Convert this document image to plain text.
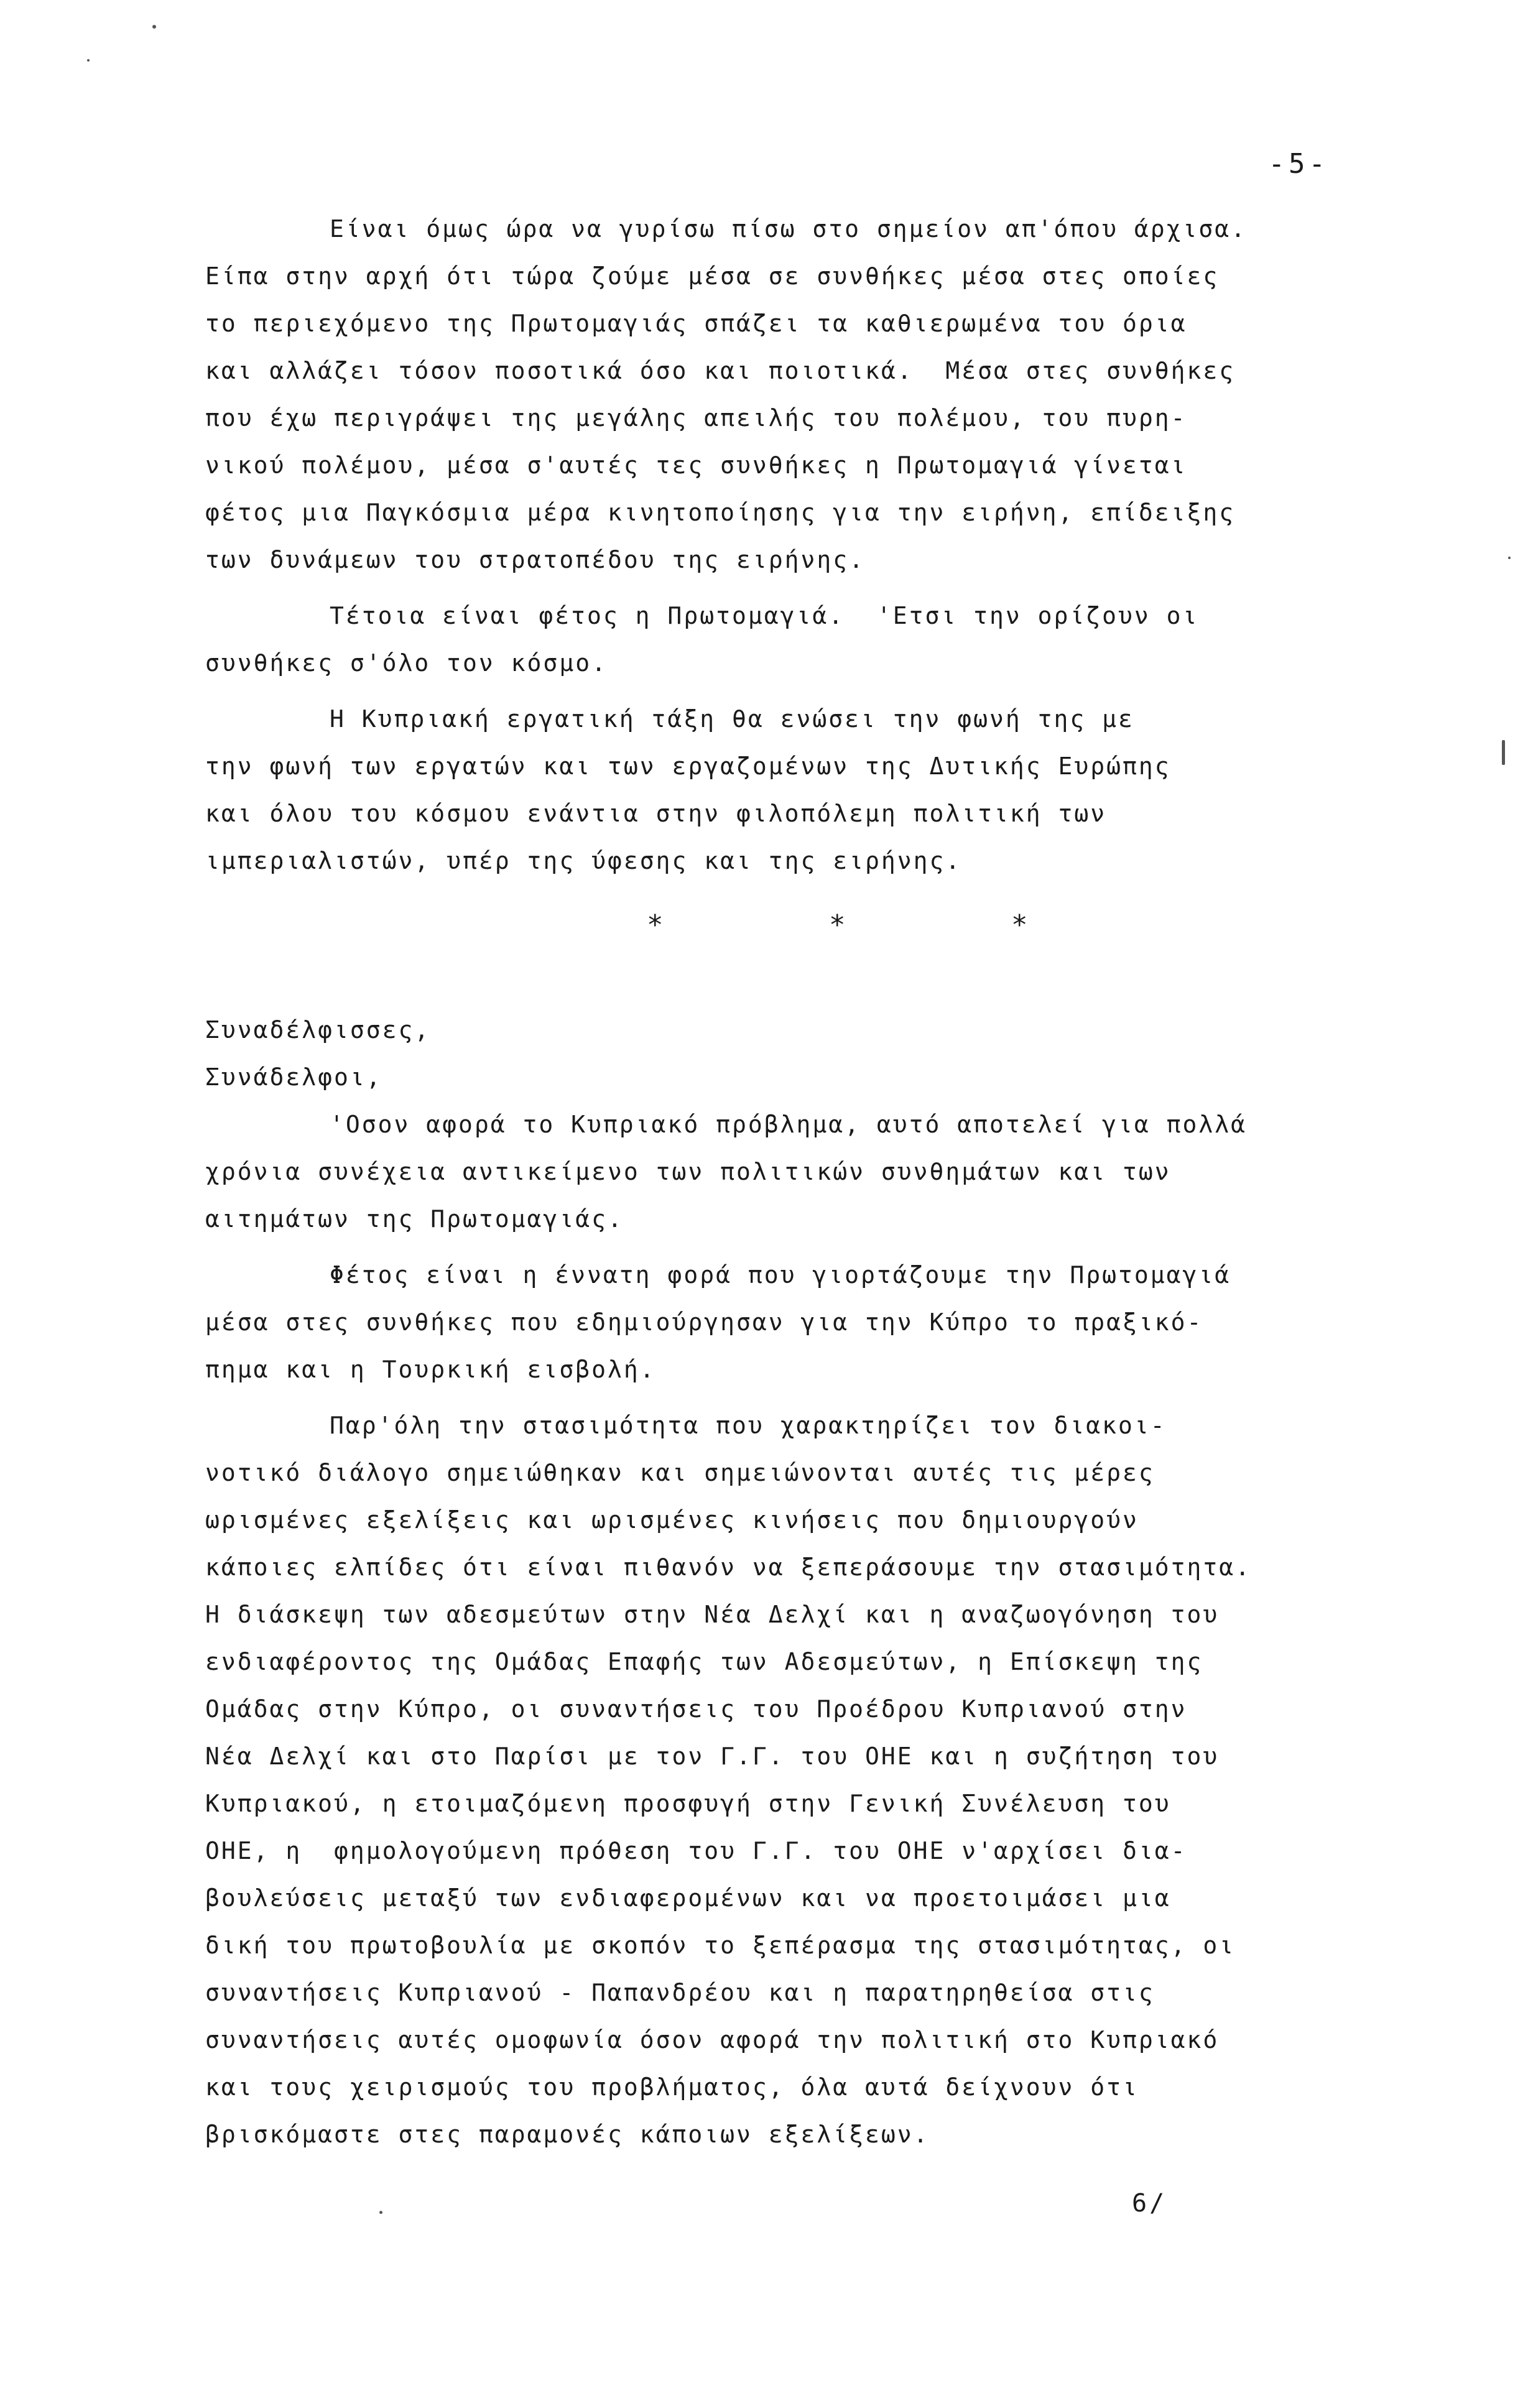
-5-
Είναι όμως ώρα να γυρίσω πίσω στο σημείον απ'όπου άρχισα.
Είπα στην αρχή ότι τώρα ζούμε μέσα σε συνθήκες μέσα στες οποίες
το περιεχόμενο της Πρωτομαγιάς σπάζει τα καθιερωμένα του όρια
και αλλάζει τόσον ποσοτικά όσο και ποιοτικά.  Μέσα στες συνθήκες
που έχω περιγράψει της μεγάλης απειλής του πολέμου, του πυρη-
νικού πολέμου, μέσα σ'αυτές τες συνθήκες η Πρωτομαγιά γίνεται
φέτος μια Παγκόσμια μέρα κινητοποίησης για την ειρήνη, επίδειξης
των δυνάμεων του στρατοπέδου της ειρήνης.
Τέτοια είναι φέτος η Πρωτομαγιά.  'Ετσι την ορίζουν οι
συνθήκες σ'όλο τον κόσμο.
Η Κυπριακή εργατική τάξη θα ενώσει την φωνή της με
την φωνή των εργατών και των εργαζομένων της Δυτικής Ευρώπης
και όλου του κόσμου ενάντια στην φιλοπόλεμη πολιτική των
ιμπεριαλιστών, υπέρ της ύφεσης και της ειρήνης.
* * *
Συναδέλφισσες,
Συνάδελφοι,
'Οσον αφορά το Κυπριακό πρόβλημα, αυτό αποτελεί για πολλά
χρόνια συνέχεια αντικείμενο των πολιτικών συνθημάτων και των
αιτημάτων της Πρωτομαγιάς.
Φέτος είναι η έννατη φορά που γιορτάζουμε την Πρωτομαγιά
μέσα στες συνθήκες που εδημιούργησαν για την Κύπρο το πραξικό-
πημα και η Τουρκική εισβολή.
Παρ'όλη την στασιμότητα που χαρακτηρίζει τον διακοι-
νοτικό διάλογο σημειώθηκαν και σημειώνονται αυτές τις μέρες
ωρισμένες εξελίξεις και ωρισμένες κινήσεις που δημιουργούν
κάποιες ελπίδες ότι είναι πιθανόν να ξεπεράσουμε την στασιμότητα.
Η διάσκεψη των αδεσμεύτων στην Νέα Δελχί και η αναζωογόνηση του
ενδιαφέροντος της Ομάδας Επαφής των Αδεσμεύτων, η Επίσκεψη της
Ομάδας στην Κύπρο, οι συναντήσεις του Προέδρου Κυπριανού στην
Νέα Δελχί και στο Παρίσι με τον Γ.Γ. του ΟΗΕ και η συζήτηση του
Κυπριακού, η ετοιμαζόμενη προσφυγή στην Γενική Συνέλευση του
ΟΗΕ, η  φημολογούμενη πρόθεση του Γ.Γ. του ΟΗΕ ν'αρχίσει δια-
βουλεύσεις μεταξύ των ενδιαφερομένων και να προετοιμάσει μια
δική του πρωτοβουλία με σκοπόν το ξεπέρασμα της στασιμότητας, οι
συναντήσεις Κυπριανού - Παπανδρέου και η παρατηρηθείσα στις
συναντήσεις αυτές ομοφωνία όσον αφορά την πολιτική στο Κυπριακό
και τους χειρισμούς του προβλήματος, όλα αυτά δείχνουν ότι
βρισκόμαστε στες παραμονές κάποιων εξελίξεων.
6/
